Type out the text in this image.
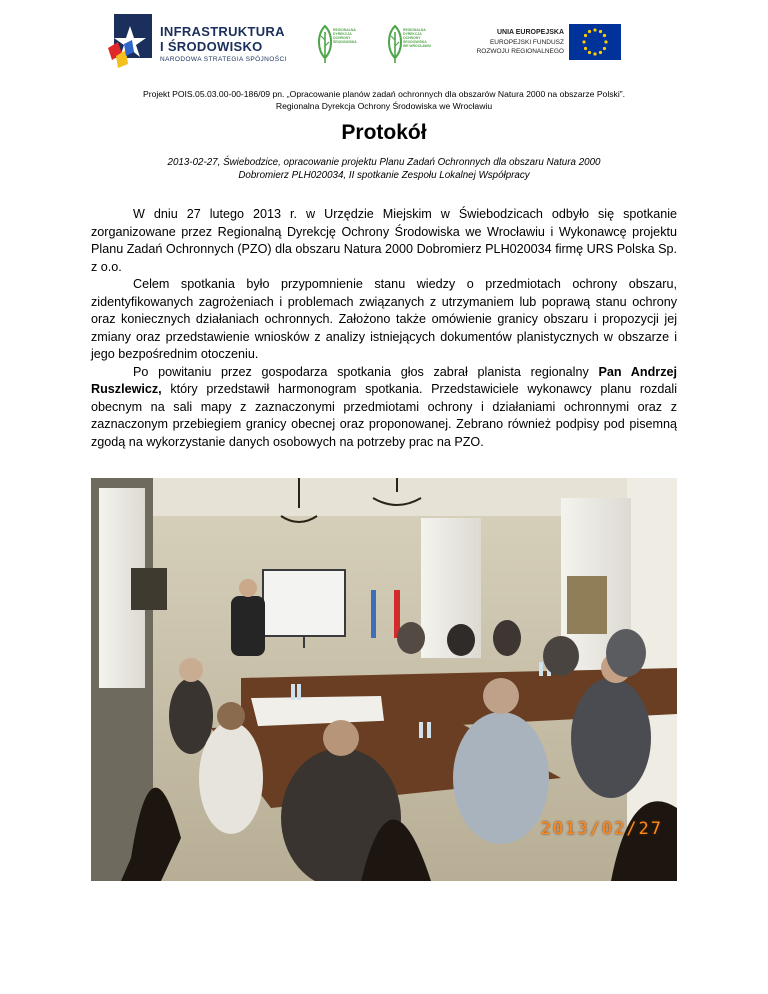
INFRASTRUKTURA
I ŚRODOWISKO
NARODOWA STRATEGIA SPÓJNOŚCI
REGIONALNA
DYREKCJA
OCHRONY
ŚRODOWISKA
REGIONALNA
DYREKCJA
OCHRONY
ŚRODOWISKA
WE WROCŁAWIU
UNIA EUROPEJSKA
EUROPEJSKI FUNDUSZ
ROZWOJU REGIONALNEGO
Projekt POIS.05.03.00-00-186/09 pn. „Opracowanie planów zadań ochronnych dla obszarów Natura 2000 na obszarze Polski”.
Regionalna Dyrekcja Ochrony Środowiska we Wrocławiu
Protokół
2013-02-27, Świebodzice, opracowanie projektu Planu Zadań Ochronnych dla obszaru Natura 2000
Dobromierz PLH020034, II spotkanie Zespołu Lokalnej Współpracy

W dniu 27 lutego 2013 r. w Urzędzie Miejskim w Świebodzicach odbyło się spotkanie zorganizowane przez Regionalną Dyrekcję Ochrony Środowiska we Wrocławiu i Wykonawcę projektu Planu Zadań Ochronnych (PZO) dla obszaru Natura 2000 Dobromierz PLH020034 firmę URS Polska Sp. z o.o.

Celem spotkania było przypomnienie stanu wiedzy o przedmiotach ochrony obszaru, zidentyfikowanych zagrożeniach i problemach związanych z utrzymaniem lub poprawą stanu ochrony oraz koniecznych działaniach ochronnych. Założono także omówienie granicy obszaru i propozycji jej zmiany oraz przedstawienie wniosków z analizy istniejących dokumentów planistycznych w obszarze i jego bezpośrednim otoczeniu.

Po powitaniu przez gospodarza spotkania głos zabrał planista regionalny Pan Andrzej Ruszlewicz, który przedstawił harmonogram spotkania. Przedstawiciele wykonawcy planu rozdali obecnym na sali mapy z zaznaczonymi przedmiotami ochrony i działaniami ochronnymi oraz z zaznaczonym przebiegiem granicy obecnej oraz proponowanej. Zebrano również podpisy pod pisemną zgodą na wykorzystanie danych osobowych na potrzeby prac na PZO.

2013/02/27
